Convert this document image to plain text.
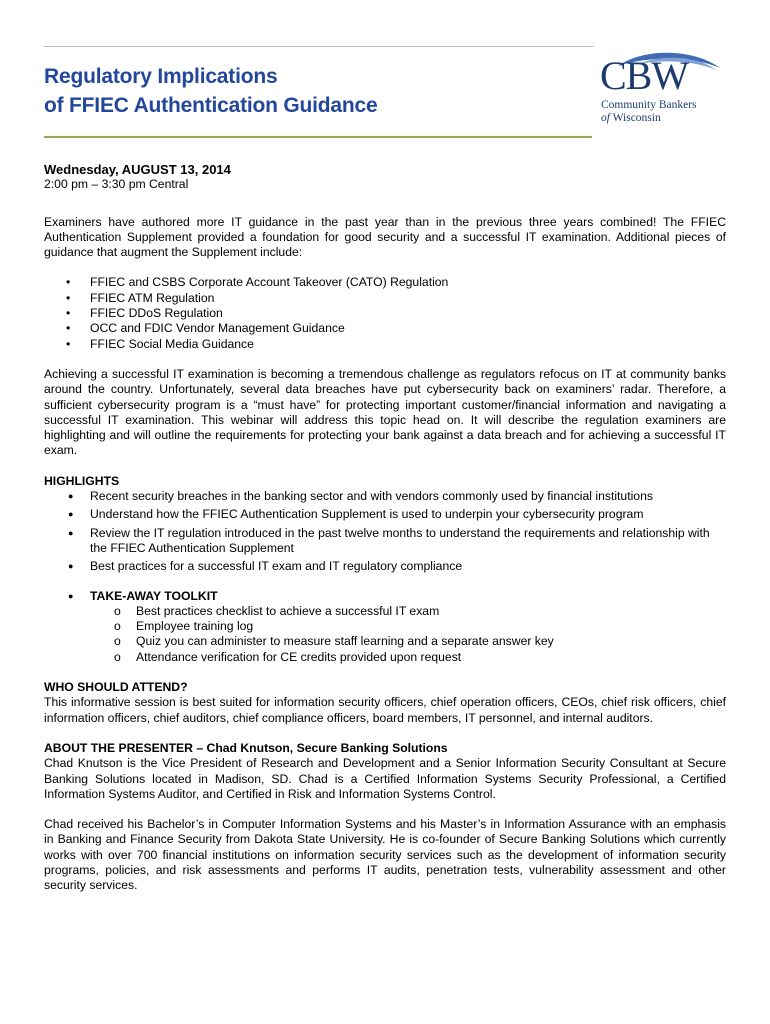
Regulatory Implications
of FFIEC Authentication Guidance
CBW
Community Bankers
of Wisconsin

Wednesday, AUGUST 13, 2014

2:00 pm – 3:30 pm Central

Examiners have authored more IT guidance in the past year than in the previous three years combined! The FFIEC Authentication Supplement provided a foundation for good security and a successful IT examination. Additional pieces of guidance that augment the Supplement include:

• FFIEC and CSBS Corporate Account Takeover (CATO) Regulation
• FFIEC ATM Regulation
• FFIEC DDoS Regulation
• OCC and FDIC Vendor Management Guidance
• FFIEC Social Media Guidance

Achieving a successful IT examination is becoming a tremendous challenge as regulators refocus on IT at community banks around the country. Unfortunately, several data breaches have put cybersecurity back on examiners’ radar. Therefore, a sufficient cybersecurity program is a “must have” for protecting important customer/financial information and navigating a successful IT examination. This webinar will address this topic head on. It will describe the regulation examiners are highlighting and will outline the requirements for protecting your bank against a data breach and for achieving a successful IT exam.

HIGHLIGHTS

● Recent security breaches in the banking sector and with vendors commonly used by financial institutions
● Understand how the FFIEC Authentication Supplement is used to underpin your cybersecurity program
● Review the IT regulation introduced in the past twelve months to understand the requirements and relationship with the FFIEC Authentication Supplement
● Best practices for a successful IT exam and IT regulatory compliance
● TAKE-AWAY TOOLKIT
o Best practices checklist to achieve a successful IT exam
o Employee training log
o Quiz you can administer to measure staff learning and a separate answer key
o Attendance verification for CE credits provided upon request

WHO SHOULD ATTEND?

This informative session is best suited for information security officers, chief operation officers, CEOs, chief risk officers, chief information officers, chief auditors, chief compliance officers, board members, IT personnel, and internal auditors.

ABOUT THE PRESENTER – Chad Knutson, Secure Banking Solutions

Chad Knutson is the Vice President of Research and Development and a Senior Information Security Consultant at Secure Banking Solutions located in Madison, SD. Chad is a Certified Information Systems Security Professional, a Certified Information Systems Auditor, and Certified in Risk and Information Systems Control.

Chad received his Bachelor’s in Computer Information Systems and his Master’s in Information Assurance with an emphasis in Banking and Finance Security from Dakota State University. He is co-founder of Secure Banking Solutions which currently works with over 700 financial institutions on information security services such as the development of information security programs, policies, and risk assessments and performs IT audits, penetration tests, vulnerability assessment and other security services.
